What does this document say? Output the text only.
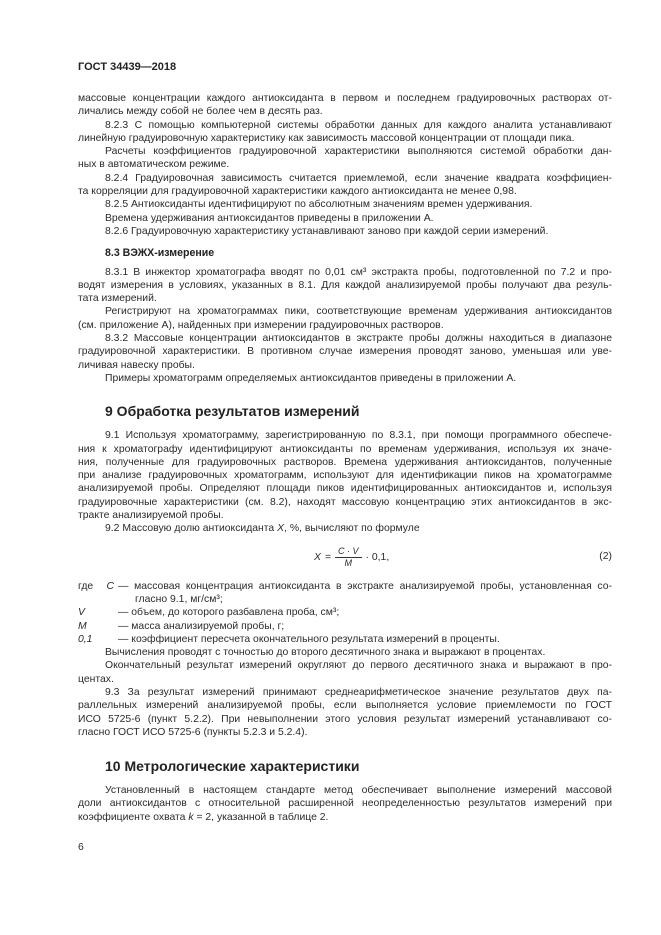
ГОСТ 34439—2018
массовые концентрации каждого антиоксиданта в первом и последнем градуировочных растворах от-
личались между собой не более чем в десять раз.
8.2.3 С помощью компьютерной системы обработки данных для каждого аналита устанавливают
линейную градуировочную характеристику как зависимость массовой концентрации от площади пика.
Расчеты коэффициентов градуировочной характеристики выполняются системой обработки дан-
ных в автоматическом режиме.
8.2.4 Градуировочная зависимость считается приемлемой, если значение квадрата коэффициен-
та корреляции для градуировочной характеристики каждого антиоксиданта не менее 0,98.
8.2.5 Антиоксиданты идентифицируют по абсолютным значениям времен удерживания.
Времена удерживания антиоксидантов приведены в приложении А.
8.2.6 Градуировочную характеристику устанавливают заново при каждой серии измерений.
8.3 ВЭЖХ-измерение
8.3.1 В инжектор хроматографа вводят по 0,01 см³ экстракта пробы, подготовленной по 7.2 и про-
водят измерения в условиях, указанных в 8.1. Для каждой анализируемой пробы получают два резуль-
тата измерений.
Регистрируют на хроматограммах пики, соответствующие временам удерживания антиоксидантов
(см. приложение А), найденных при измерении градуировочных растворов.
8.3.2 Массовые концентрации антиоксидантов в экстракте пробы должны находиться в диапазоне
градуировочной характеристики. В противном случае измерения проводят заново, уменьшая или уве-
личивая навеску пробы.
Примеры хроматограмм определяемых антиоксидантов приведены в приложении А.
9 Обработка результатов измерений
9.1 Используя хроматограмму, зарегистрированную по 8.3.1, при помощи программного обеспече-
ния к хроматографу идентифицируют антиоксиданты по временам удерживания, используя их значе-
ния, полученные для градуировочных растворов. Времена удерживания антиоксидантов, полученные
при анализе градуировочных хроматограмм, используют для идентификации пиков на хроматограмме
анализируемой пробы. Определяют площади пиков идентифицированных антиоксидантов и, используя
градуировочные характеристики (см. 8.2), находят массовую концентрацию этих антиоксидантов в экс-
тракте анализируемой пробы.
9.2 Массовую долю антиоксиданта X, %, вычисляют по формуле
$X = \frac{C \cdot V}{M} \cdot 0,1$,	(2)
где C — массовая концентрация антиоксиданта в экстракте анализируемой пробы, установленная со-
гласно 9.1, мг/см³;
V	— объем, до которого разбавлена проба, см³;
M	— масса анализируемой пробы, г;
0,1	— коэффициент пересчета окончательного результата измерений в проценты.
Вычисления проводят с точностью до второго десятичного знака и выражают в процентах.
Окончательный результат измерений округляют до первого десятичного знака и выражают в про-
центах.
9.3 За результат измерений принимают среднеарифметическое значение результатов двух па-
раллельных измерений анализируемой пробы, если выполняется условие приемлемости по ГОСТ
ИСО 5725-6 (пункт 5.2.2). При невыполнении этого условия результат измерений устанавливают со-
гласно ГОСТ ИСО 5725-6 (пункты 5.2.3 и 5.2.4).
10 Метрологические характеристики
Установленный в настоящем стандарте метод обеспечивает выполнение измерений массовой
доли антиоксидантов с относительной расширенной неопределенностью результатов измерений при
коэффициенте охвата k = 2, указанной в таблице 2.
6
